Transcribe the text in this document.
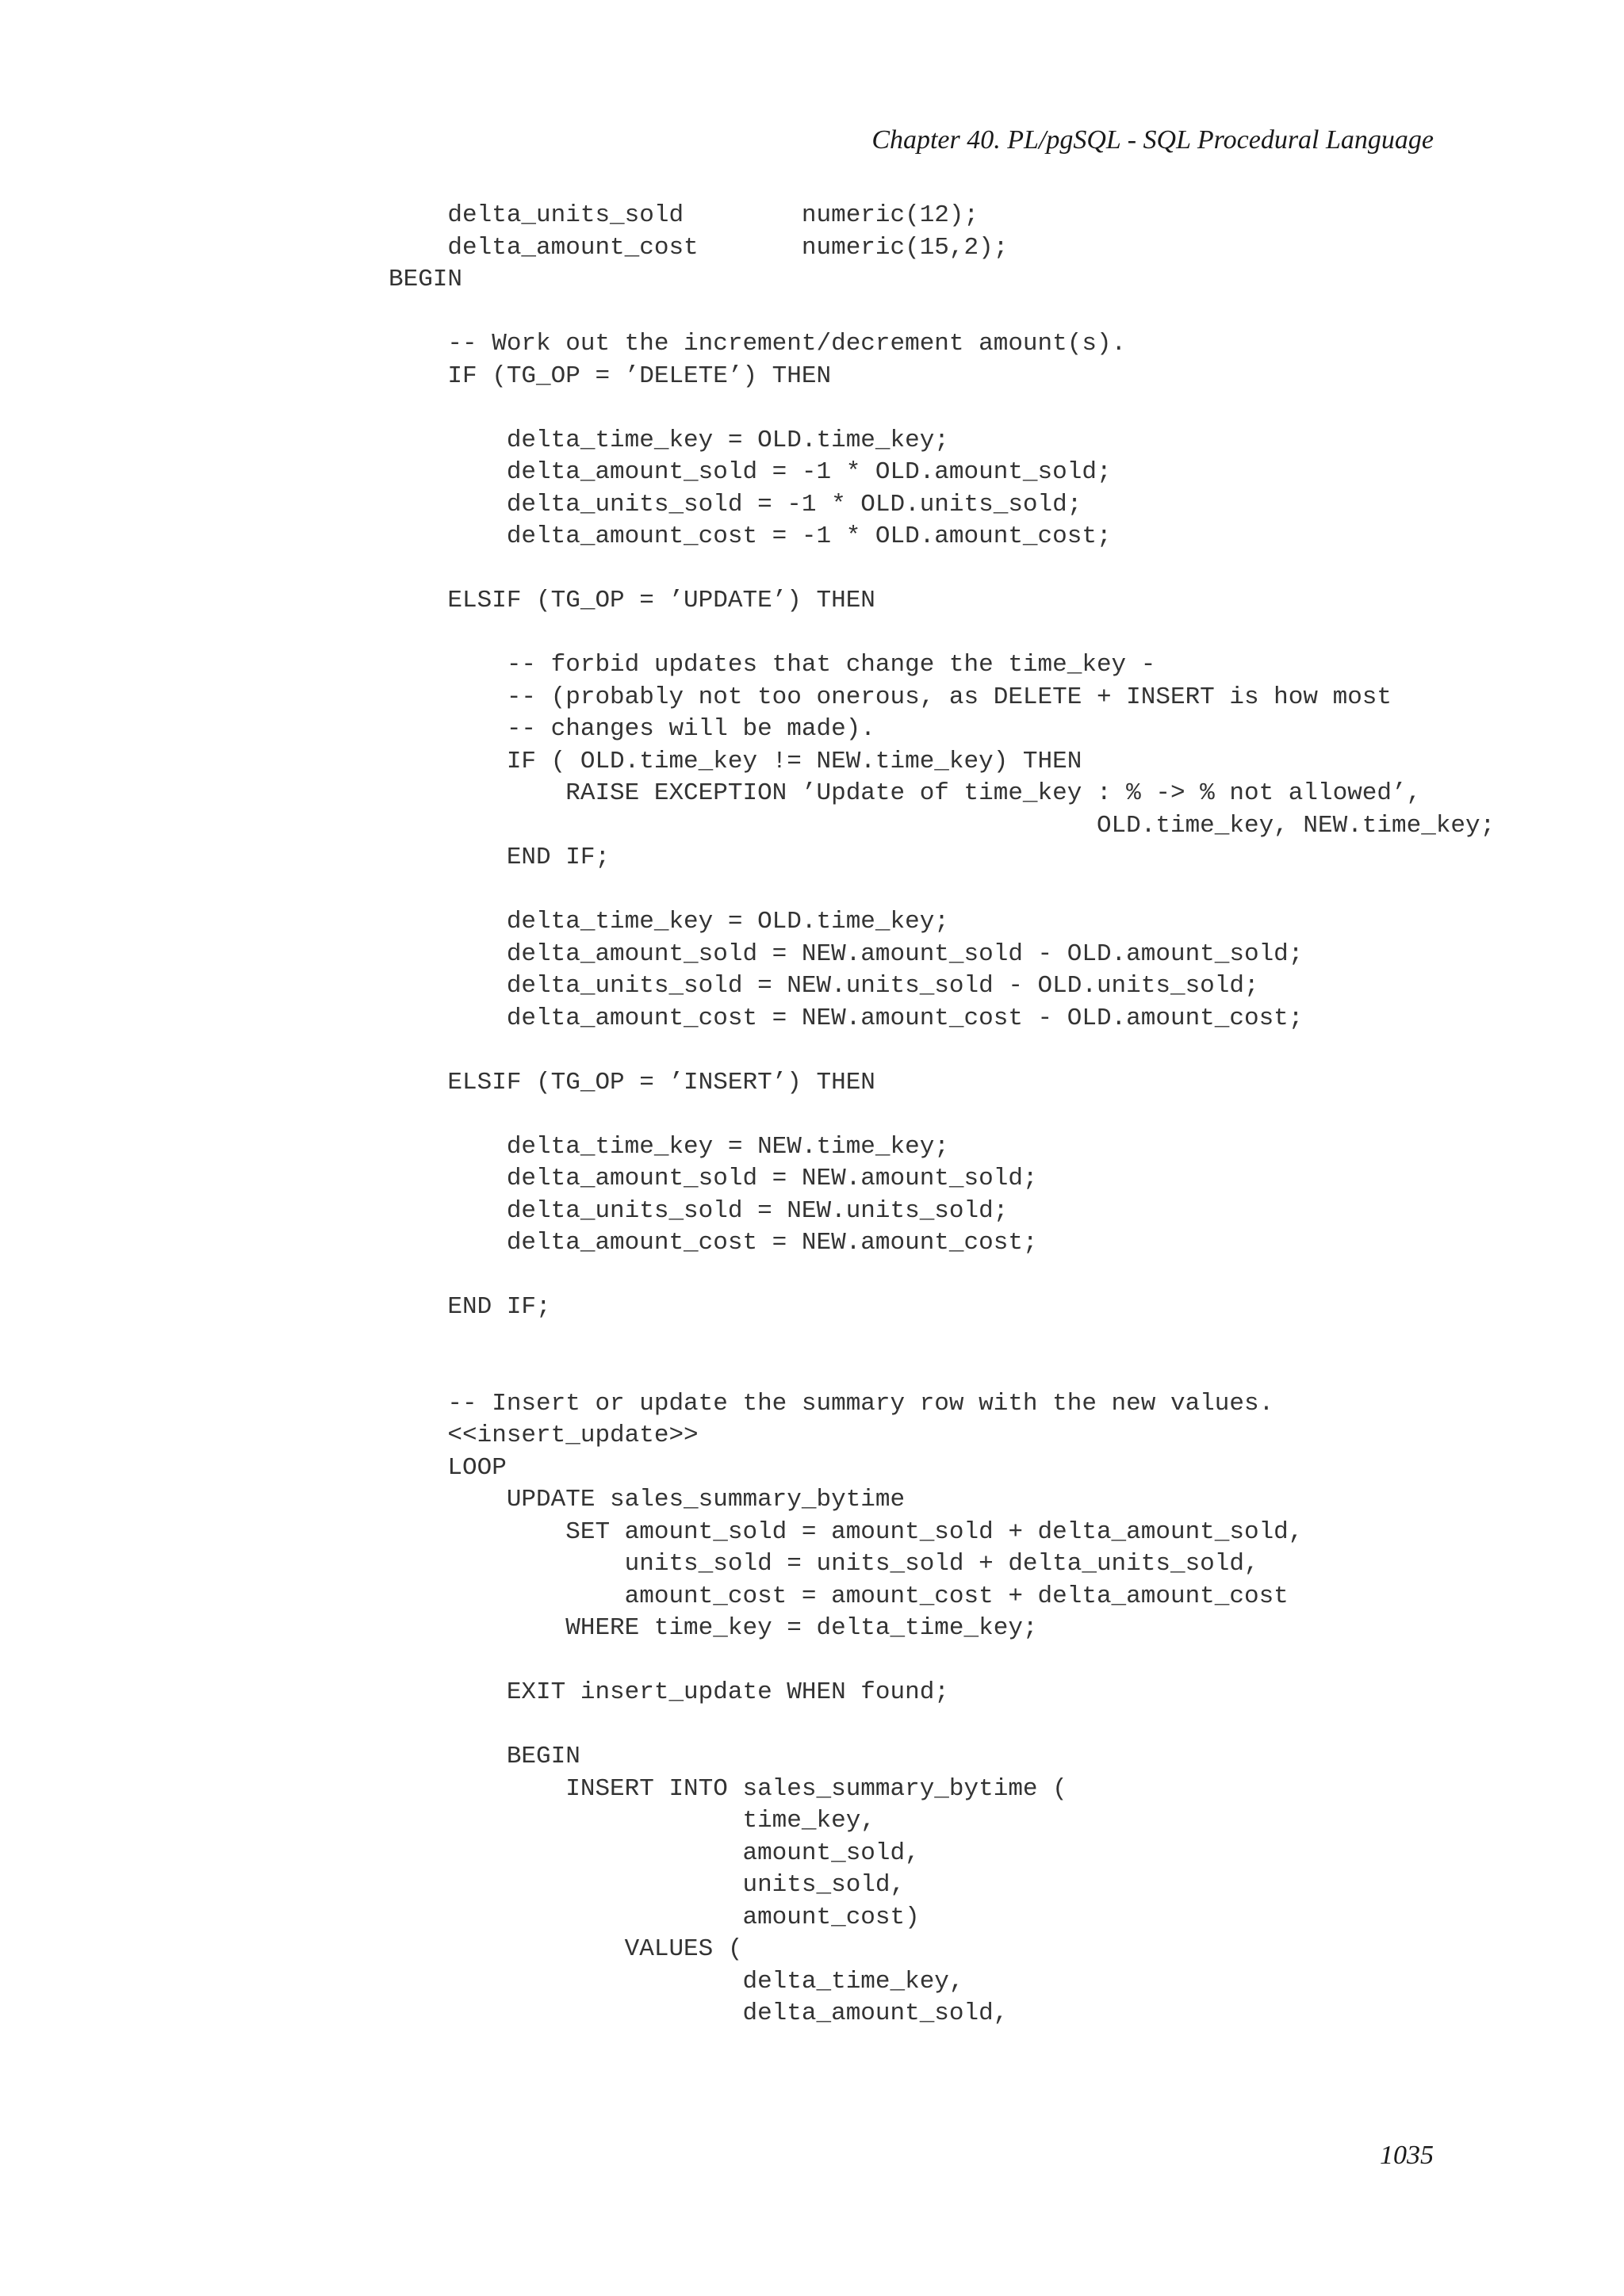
Chapter 40. PL/pgSQL - SQL Procedural Language
delta_units_sold        numeric(12);
delta_amount_cost       numeric(15,2);
BEGIN
-- Work out the increment/decrement amount(s).
IF (TG_OP = ’DELETE’) THEN
delta_time_key = OLD.time_key;
delta_amount_sold = -1 * OLD.amount_sold;
delta_units_sold = -1 * OLD.units_sold;
delta_amount_cost = -1 * OLD.amount_cost;
ELSIF (TG_OP = ’UPDATE’) THEN
-- forbid updates that change the time_key -
-- (probably not too onerous, as DELETE + INSERT is how most
-- changes will be made).
IF ( OLD.time_key != NEW.time_key) THEN
RAISE EXCEPTION ’Update of time_key : % -> % not allowed’,
OLD.time_key, NEW.time_key;
END IF;
delta_time_key = OLD.time_key;
delta_amount_sold = NEW.amount_sold - OLD.amount_sold;
delta_units_sold = NEW.units_sold - OLD.units_sold;
delta_amount_cost = NEW.amount_cost - OLD.amount_cost;
ELSIF (TG_OP = ’INSERT’) THEN
delta_time_key = NEW.time_key;
delta_amount_sold = NEW.amount_sold;
delta_units_sold = NEW.units_sold;
delta_amount_cost = NEW.amount_cost;
END IF;
-- Insert or update the summary row with the new values.
<<insert_update>>
LOOP
UPDATE sales_summary_bytime
SET amount_sold = amount_sold + delta_amount_sold,
units_sold = units_sold + delta_units_sold,
amount_cost = amount_cost + delta_amount_cost
WHERE time_key = delta_time_key;
EXIT insert_update WHEN found;
BEGIN
INSERT INTO sales_summary_bytime (
time_key,
amount_sold,
units_sold,
amount_cost)
VALUES (
delta_time_key,
delta_amount_sold,
1035
